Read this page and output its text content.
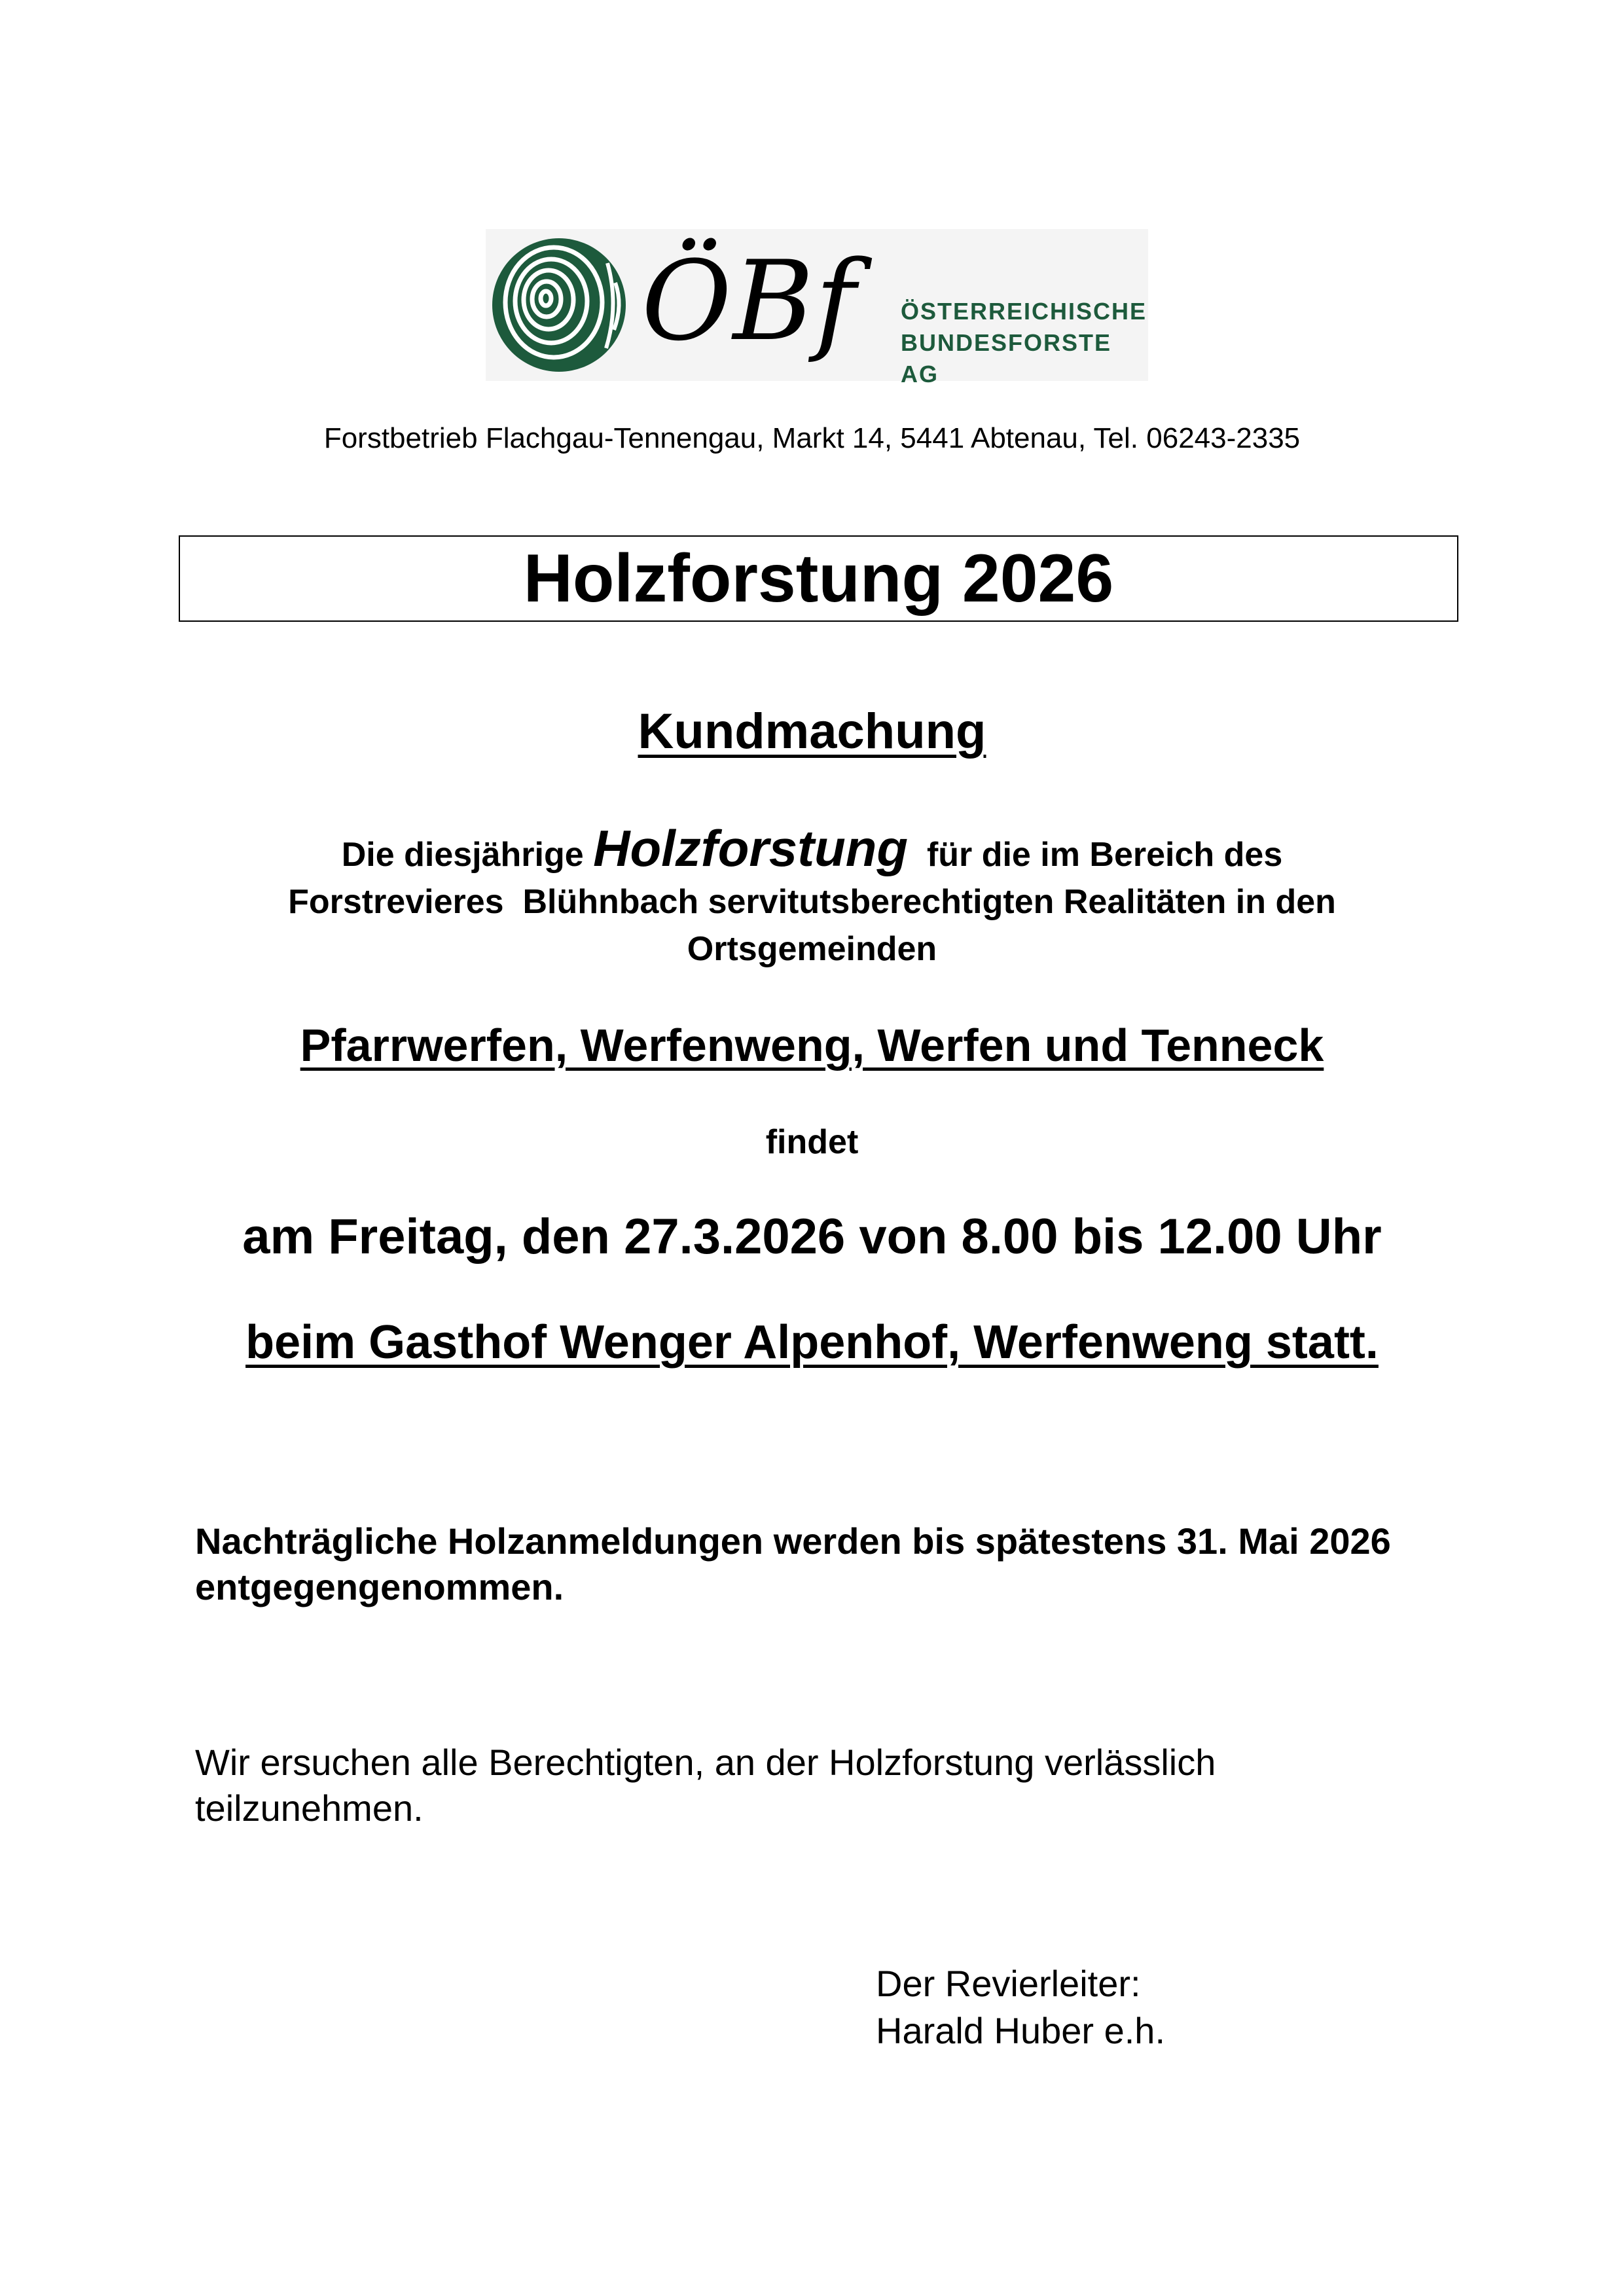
ÖBf ÖSTERREICHISCHE
BUNDESFORSTE AG
Forstbetrieb Flachgau-Tennengau, Markt 14, 5441 Abtenau, Tel. 06243-2335
Holzforstung 2026
Kundmachung
Die diesjährige Holzforstung für die im Bereich des
Forstrevieres  Blühnbach servitutsberechtigten Realitäten in den
Ortsgemeinden
Pfarrwerfen, Werfenweng, Werfen und Tenneck
findet
am Freitag, den 27.3.2026 von 8.00 bis 12.00 Uhr
beim Gasthof Wenger Alpenhof, Werfenweng statt.
Nachträgliche Holzanmeldungen werden bis spätestens 31. Mai 2026 entgegengenommen.
Wir ersuchen alle Berechtigten, an der Holzforstung verlässlich teilzunehmen.
Der Revierleiter:
Harald Huber e.h.
